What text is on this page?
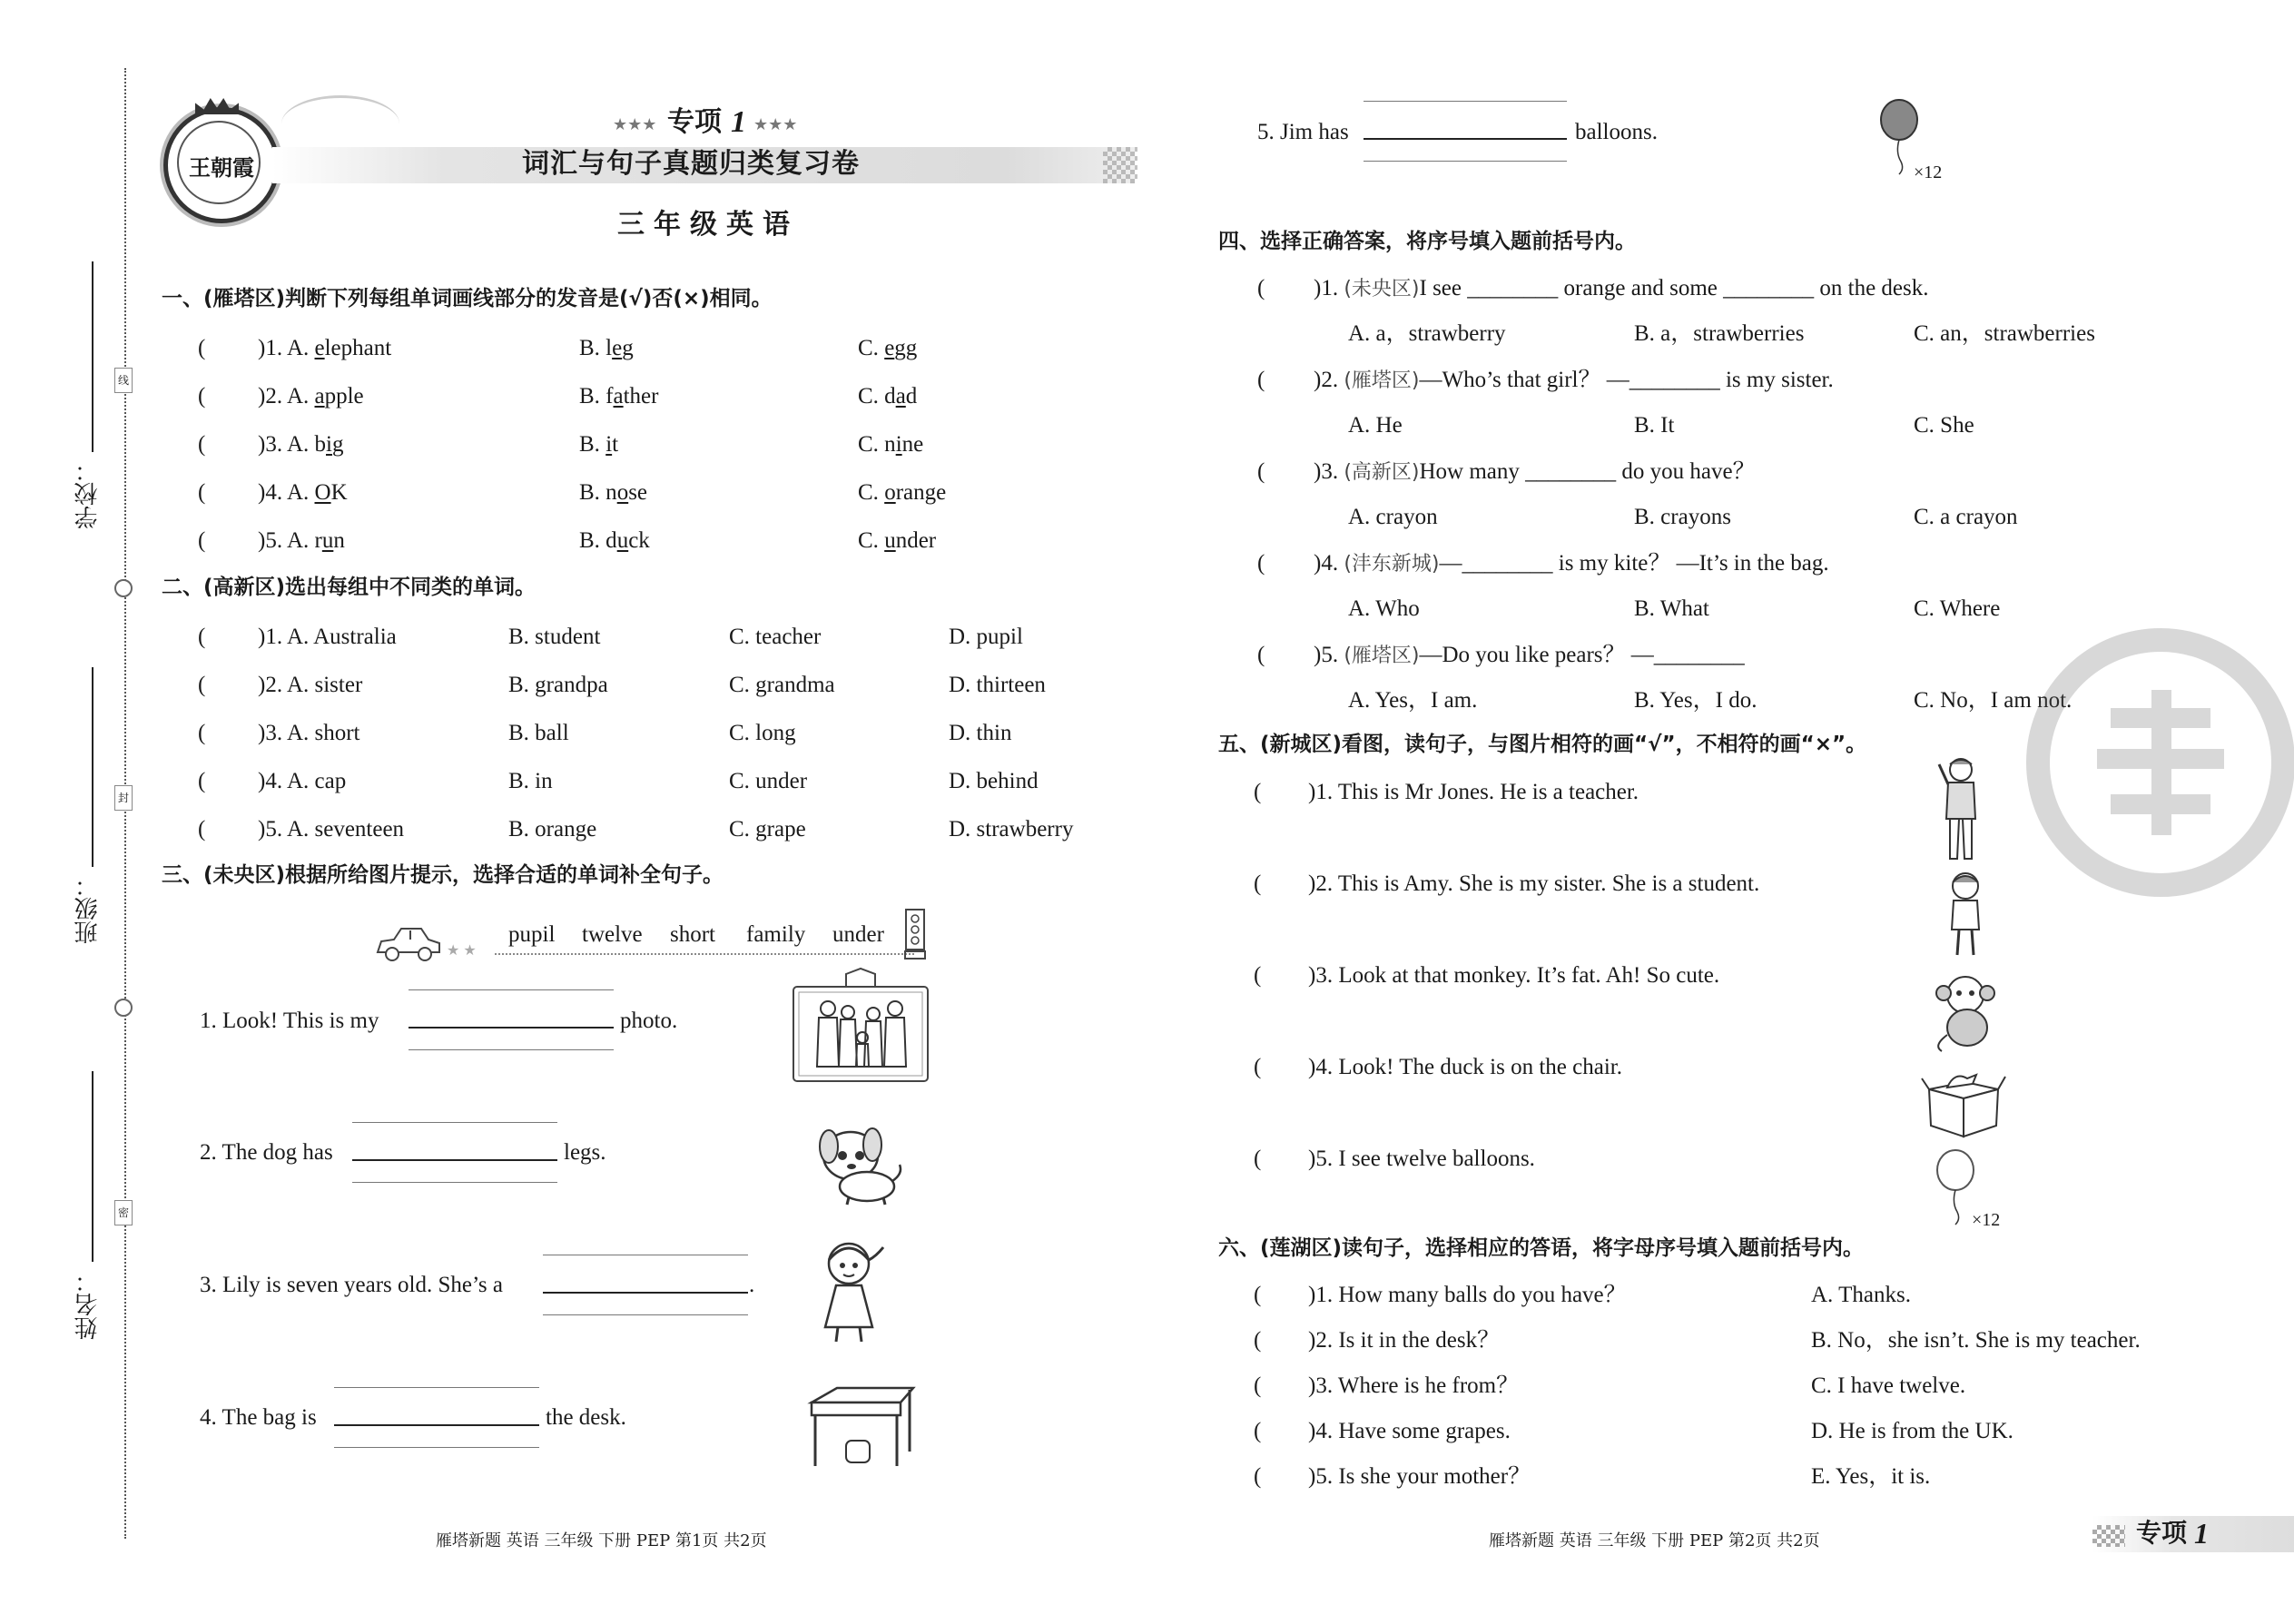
学校：
线
班级：
封
姓名：
密
王朝霞
★★★ 专项 1 ★★★
词汇与句子真题归类复习卷
三年级英语
一、(雁塔区)判断下列每组单词画线部分的发音是(√)否(×)相同。
( )1. A. elephant	B. leg	C. egg
( )2. A. apple	B. father	C. dad
( )3. A. big	B. it	C. nine
( )4. A. OK	B. nose	C. orange
( )5. A. run	B. duck	C. under
二、(高新区)选出每组中不同类的单词。
( )1. A. Australia	B. student	C. teacher	D. pupil
( )2. A. sister	B. grandpa	C. grandma	D. thirteen
( )3. A. short	B. ball	C. long	D. thin
( )4. A. cap	B. in	C. under	D. behind
( )5. A. seventeen	B. orange	C. grape	D. strawberry
三、(未央区)根据所给图片提示，选择合适的单词补全句子。
★ ★
pupil twelve short family under
1. Look! This is my	photo.
2. The dog has	legs.
3. Lily is seven years old. She’s a	.
4. The bag is	the desk.
5. Jim has	balloons.
×12
四、选择正确答案，将序号填入题前括号内。
( )1. (未央区)I see ________ orange and some ________ on the desk.
A. a，strawberry	B. a，strawberries	C. an，strawberries
( )2. (雁塔区)—Who’s that girl？ —________ is my sister.
A. He	B. It	C. She
( )3. (高新区)How many ________ do you have？
A. crayon	B. crayons	C. a crayon
( )4. (沣东新城)—________ is my kite？ —It’s in the bag.
A. Who	B. What	C. Where
( )5. (雁塔区)—Do you like pears？ —________
A. Yes，I am.	B. Yes，I do.	C. No，I am not.
五、(新城区)看图，读句子，与图片相符的画“√”，不相符的画“×”。
( )1. This is Mr Jones. He is a teacher.
( )2. This is Amy. She is my sister. She is a student.
( )3. Look at that monkey. It’s fat. Ah! So cute.
( )4. Look! The duck is on the chair.
( )5. I see twelve balloons.
×12
六、(莲湖区)读句子，选择相应的答语，将字母序号填入题前括号内。
( )1. How many balls do you have？	A. Thanks.
( )2. Is it in the desk？	B. No，she isn’t. She is my teacher.
( )3. Where is he from？	C. I have twelve.
( )4. Have some grapes.	D. He is from the UK.
( )5. Is she your mother？	E. Yes，it is.
雁塔新题 英语 三年级 下册 PEP 第1页 共2页	雁塔新题 英语 三年级 下册 PEP 第2页 共2页	专项 1
